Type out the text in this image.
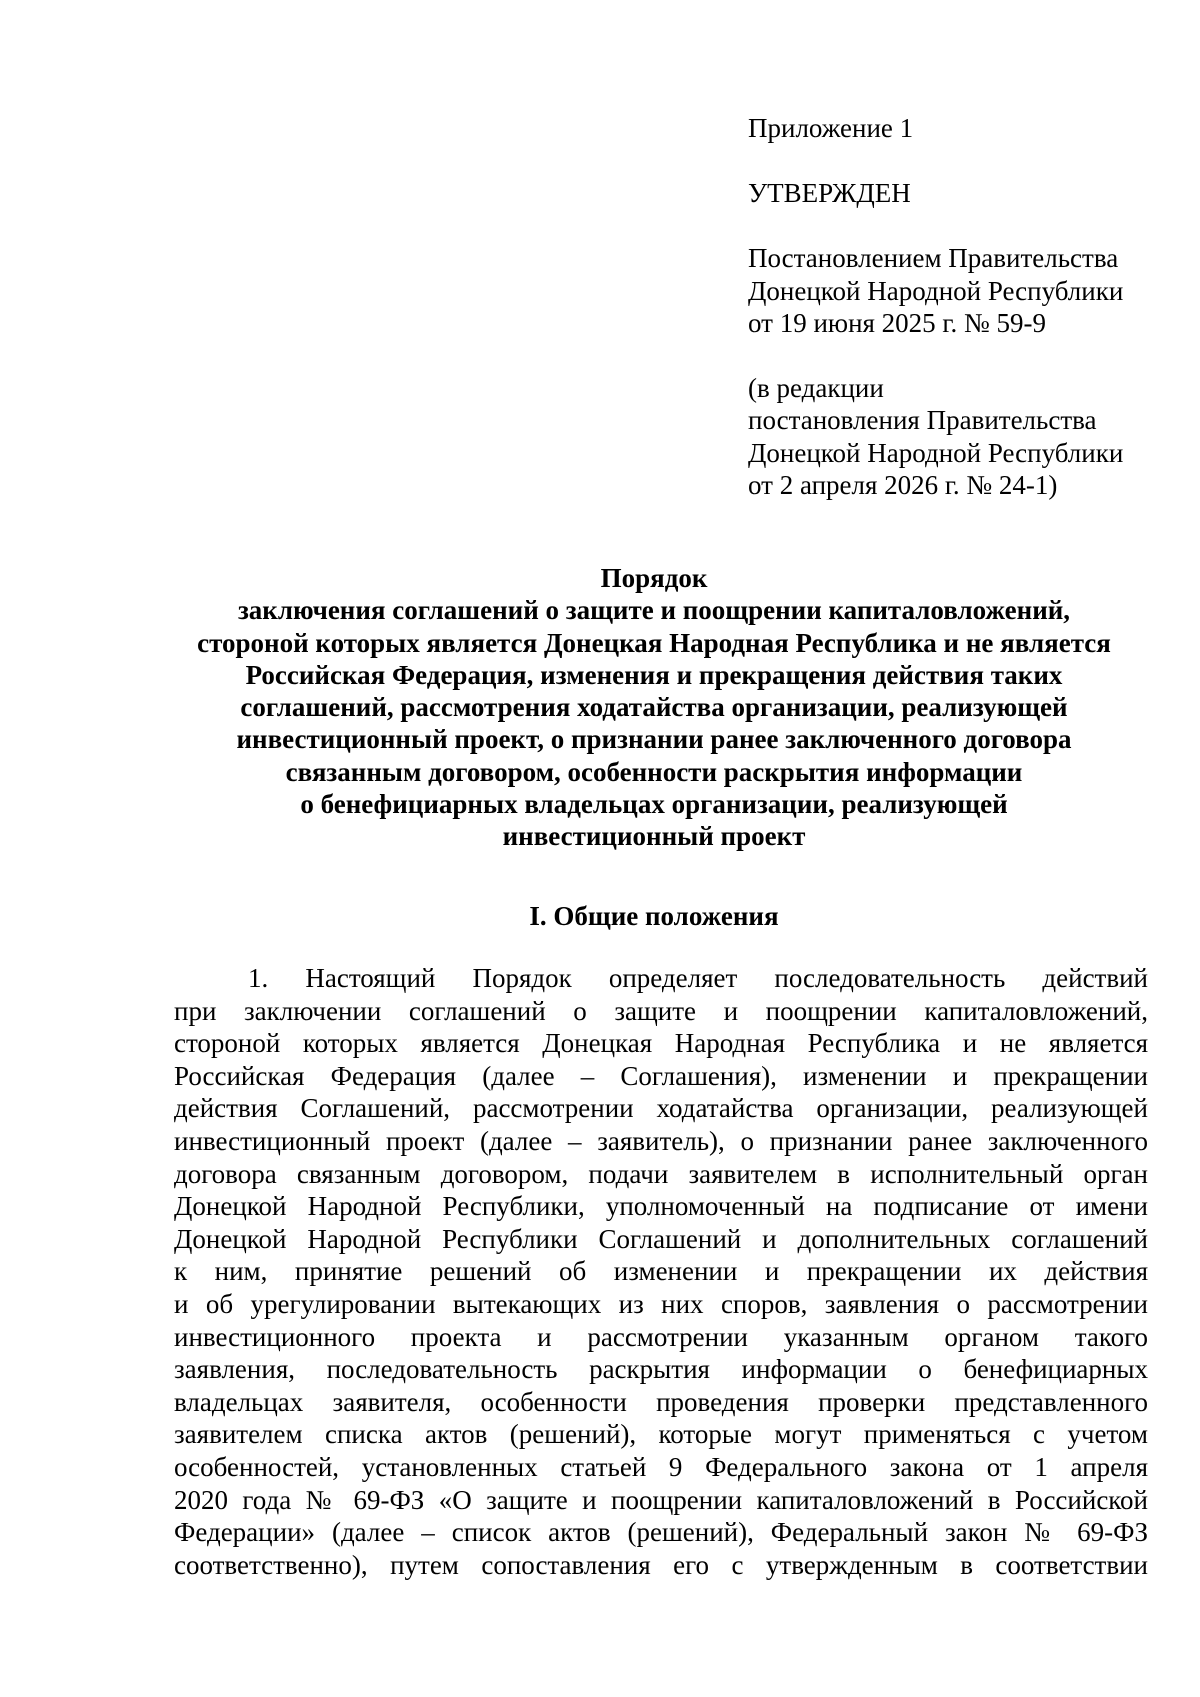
Приложение 1
УТВЕРЖДЕН
Постановлением Правительства
Донецкой Народной Республики
от 19 июня 2025 г. № 59-9
(в редакции
постановления Правительства
Донецкой Народной Республики
от 2 апреля 2026 г. № 24-1)
Порядок
заключения соглашений о защите и поощрении капиталовложений,
стороной которых является Донецкая Народная Республика и не является
Российская Федерация, изменения и прекращения действия таких
соглашений, рассмотрения ходатайства организации, реализующей
инвестиционный проект, о признании ранее заключенного договора
связанным договором, особенности раскрытия информации
о бенефициарных владельцах организации, реализующей
инвестиционный проект
I. Общие положения
1. Настоящий Порядок определяет последовательность действий
при заключении соглашений о защите и поощрении капиталовложений,
стороной которых является Донецкая Народная Республика и не является
Российская Федерация (далее – Соглашения), изменении и прекращении
действия Соглашений, рассмотрении ходатайства организации, реализующей
инвестиционный проект (далее – заявитель), о признании ранее заключенного
договора связанным договором, подачи заявителем в исполнительный орган
Донецкой Народной Республики, уполномоченный на подписание от имени
Донецкой Народной Республики Соглашений и дополнительных соглашений
к ним, принятие решений об изменении и прекращении их действия
и об урегулировании вытекающих из них споров, заявления о рассмотрении
инвестиционного проекта и рассмотрении указанным органом такого
заявления, последовательность раскрытия информации о бенефициарных
владельцах заявителя, особенности проведения проверки представленного
заявителем списка актов (решений), которые могут применяться с учетом
особенностей, установленных статьей 9 Федерального закона от 1 апреля
2020 года № 69-ФЗ «О защите и поощрении капиталовложений в Российской
Федерации» (далее – список актов (решений), Федеральный закон № 69-ФЗ
соответственно), путем сопоставления его с утвержденным в соответствии
